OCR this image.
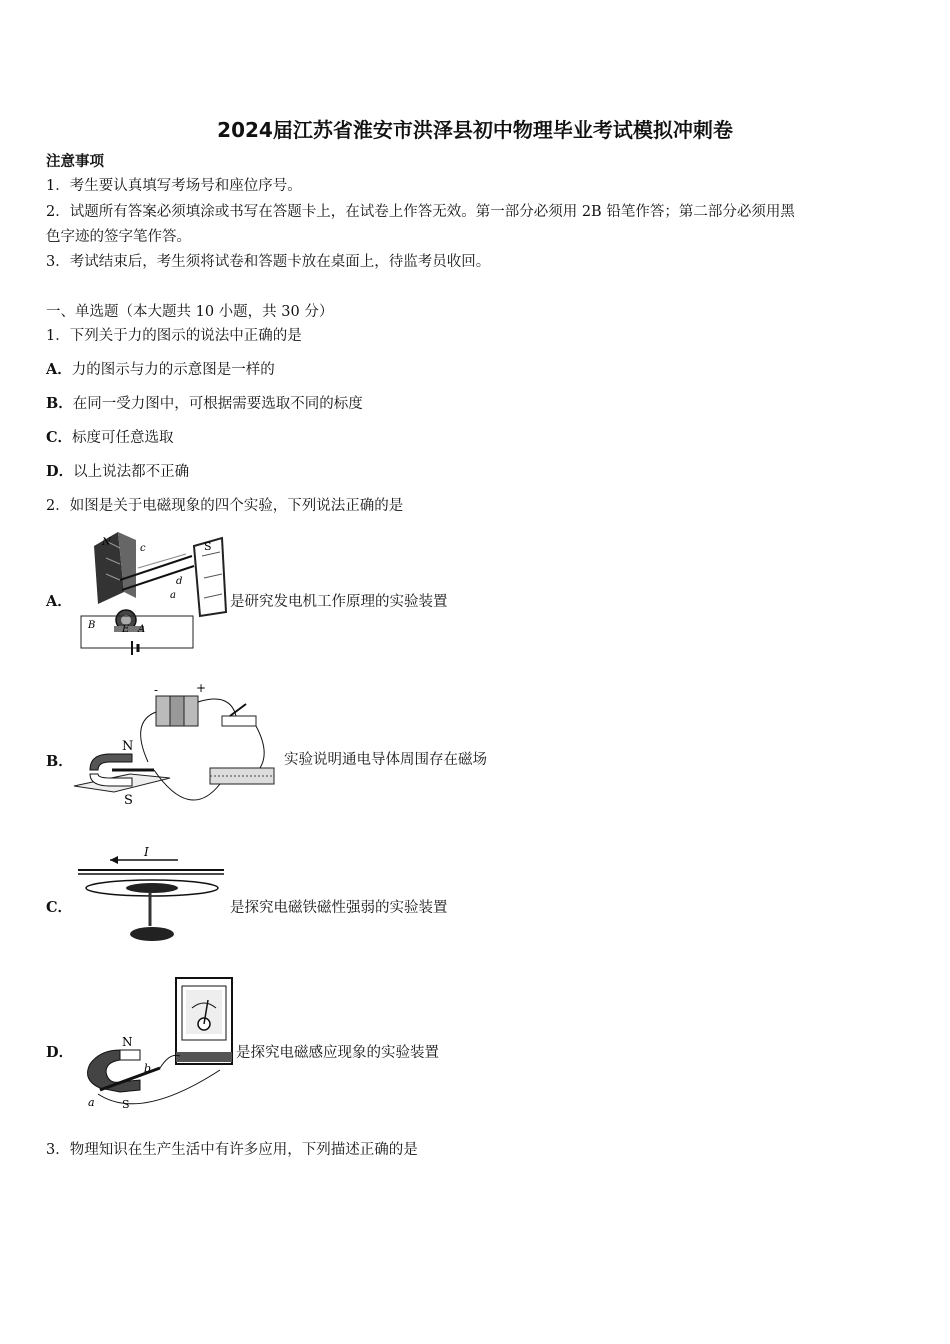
2024届江苏省淮安市洪泽县初中物理毕业考试模拟冲刺卷
注意事项
1．考生要认真填写考场号和座位序号。
2．试题所有答案必须填涂或书写在答题卡上，在试卷上作答无效。第一部分必须用 2B 铅笔作答；第二部分必须用黑
色字迹的签字笔作答。
3．考试结束后，考生须将试卷和答题卡放在桌面上，待监考员收回。
一、单选题（本大题共 10 小题，共 30 分）
1．下列关于力的图示的说法中正确的是
A．力的图示与力的示意图是一样的
B．在同一受力图中，可根据需要选取不同的标度
C．标度可任意选取
D．以上说法都不正确
2．如图是关于电磁现象的四个实验，下列说法正确的是
A．
N
c	S
d
a
B	E A
是研究发电机工作原理的实验装置
B．
-	+
N
S
实验说明通电导体周围存在磁场
C．
I
是探究电磁铁磁性强弱的实验装置
D．
N
b
a S
是探究电磁感应现象的实验装置
3．物理知识在生产生活中有许多应用，下列描述正确的是
